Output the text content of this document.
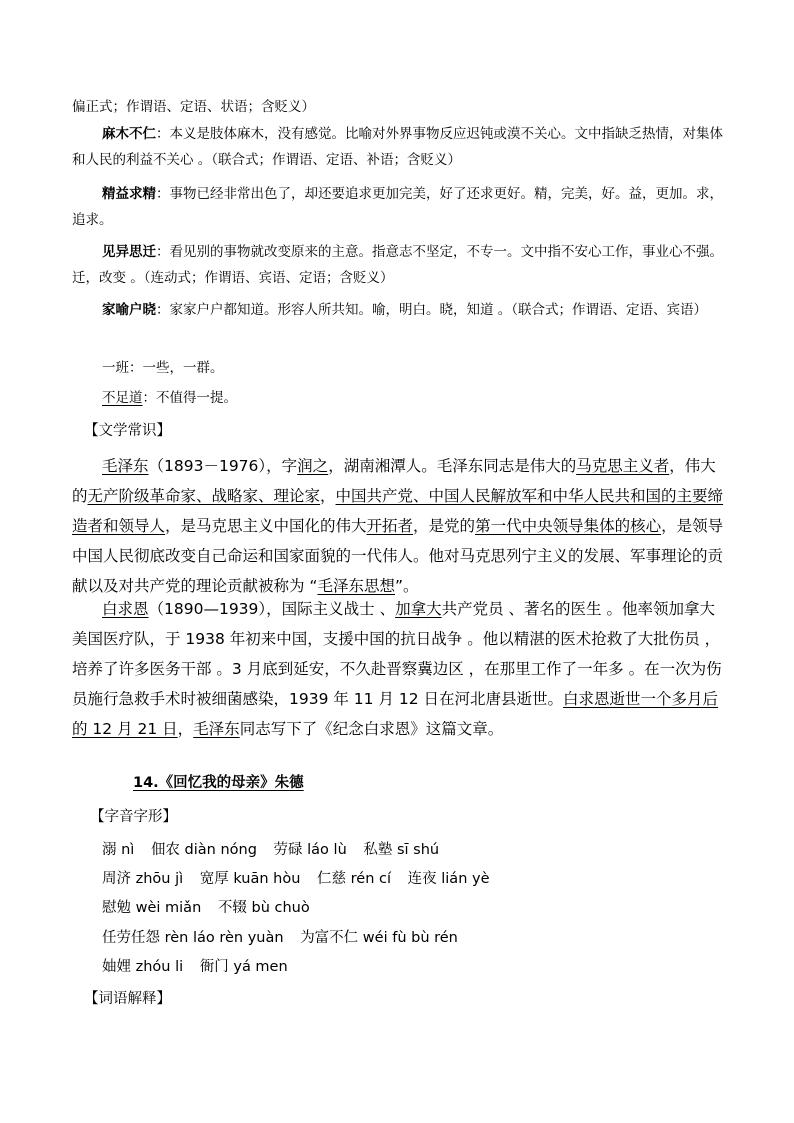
偏正式；作谓语、定语、状语；含贬义）

麻木不仁：本义是肢体麻木，没有感觉。比喻对外界事物反应迟钝或漠不关心。文中指缺乏热情，对集体和人民的利益不关心 。（联合式；作谓语、定语、补语；含贬义）

精益求精：事物已经非常出色了，却还要追求更加完美，好了还求更好。精，完美，好。益，更加。求，追求。

见异思迁：看见别的事物就改变原来的主意。指意志不坚定，不专一。文中指不安心工作，事业心不强。迁，改变 。（连动式；作谓语、宾语、定语；含贬义）

家喻户晓：家家户户都知道。形容人所共知。喻，明白。晓，知道 。（联合式；作谓语、定语、宾语）

一班：一些，一群。

不足道：不值得一提。

【文学常识】

毛泽东（1893－1976），字润之，湖南湘潭人。毛泽东同志是伟大的马克思主义者，伟大的无产阶级革命家、战略家、理论家，中国共产党、中国人民解放军和中华人民共和国的主要缔造者和领导人，是马克思主义中国化的伟大开拓者，是党的第一代中央领导集体的核心，是领导中国人民彻底改变自己命运和国家面貌的一代伟人。他对马克思列宁主义的发展、军事理论的贡献以及对共产党的理论贡献被称为 “毛泽东思想”。

白求恩（1890—1939），国际主义战士 、加拿大共产党员 、著名的医生 。他率领加拿大美国医疗队，于 1938 年初来中国，支援中国的抗日战争 。他以精湛的医术抢救了大批伤员 ，培养了许多医务干部 。3 月底到延安，不久赴晋察冀边区 ，在那里工作了一年多 。在一次为伤员施行急救手术时被细菌感染，1939 年 11 月 12 日在河北唐县逝世。白求恩逝世一个多月后的 12 月 21 日，毛泽东同志写下了《纪念白求恩》这篇文章。

14.《回忆我的母亲》朱德
【字音字形】
溺 nì 佃农 diàn nóng 劳碌 láo lù 私塾 sī shú
周济 zhōu jì 宽厚 kuān hòu 仁慈 rén cí 连夜 lián yè
慰勉 wèi miǎn 不辍 bù chuò
任劳任怨 rèn láo rèn yuàn 为富不仁 wéi fù bù rén
妯娌 zhóu li 衙门 yá men
【词语解释】
